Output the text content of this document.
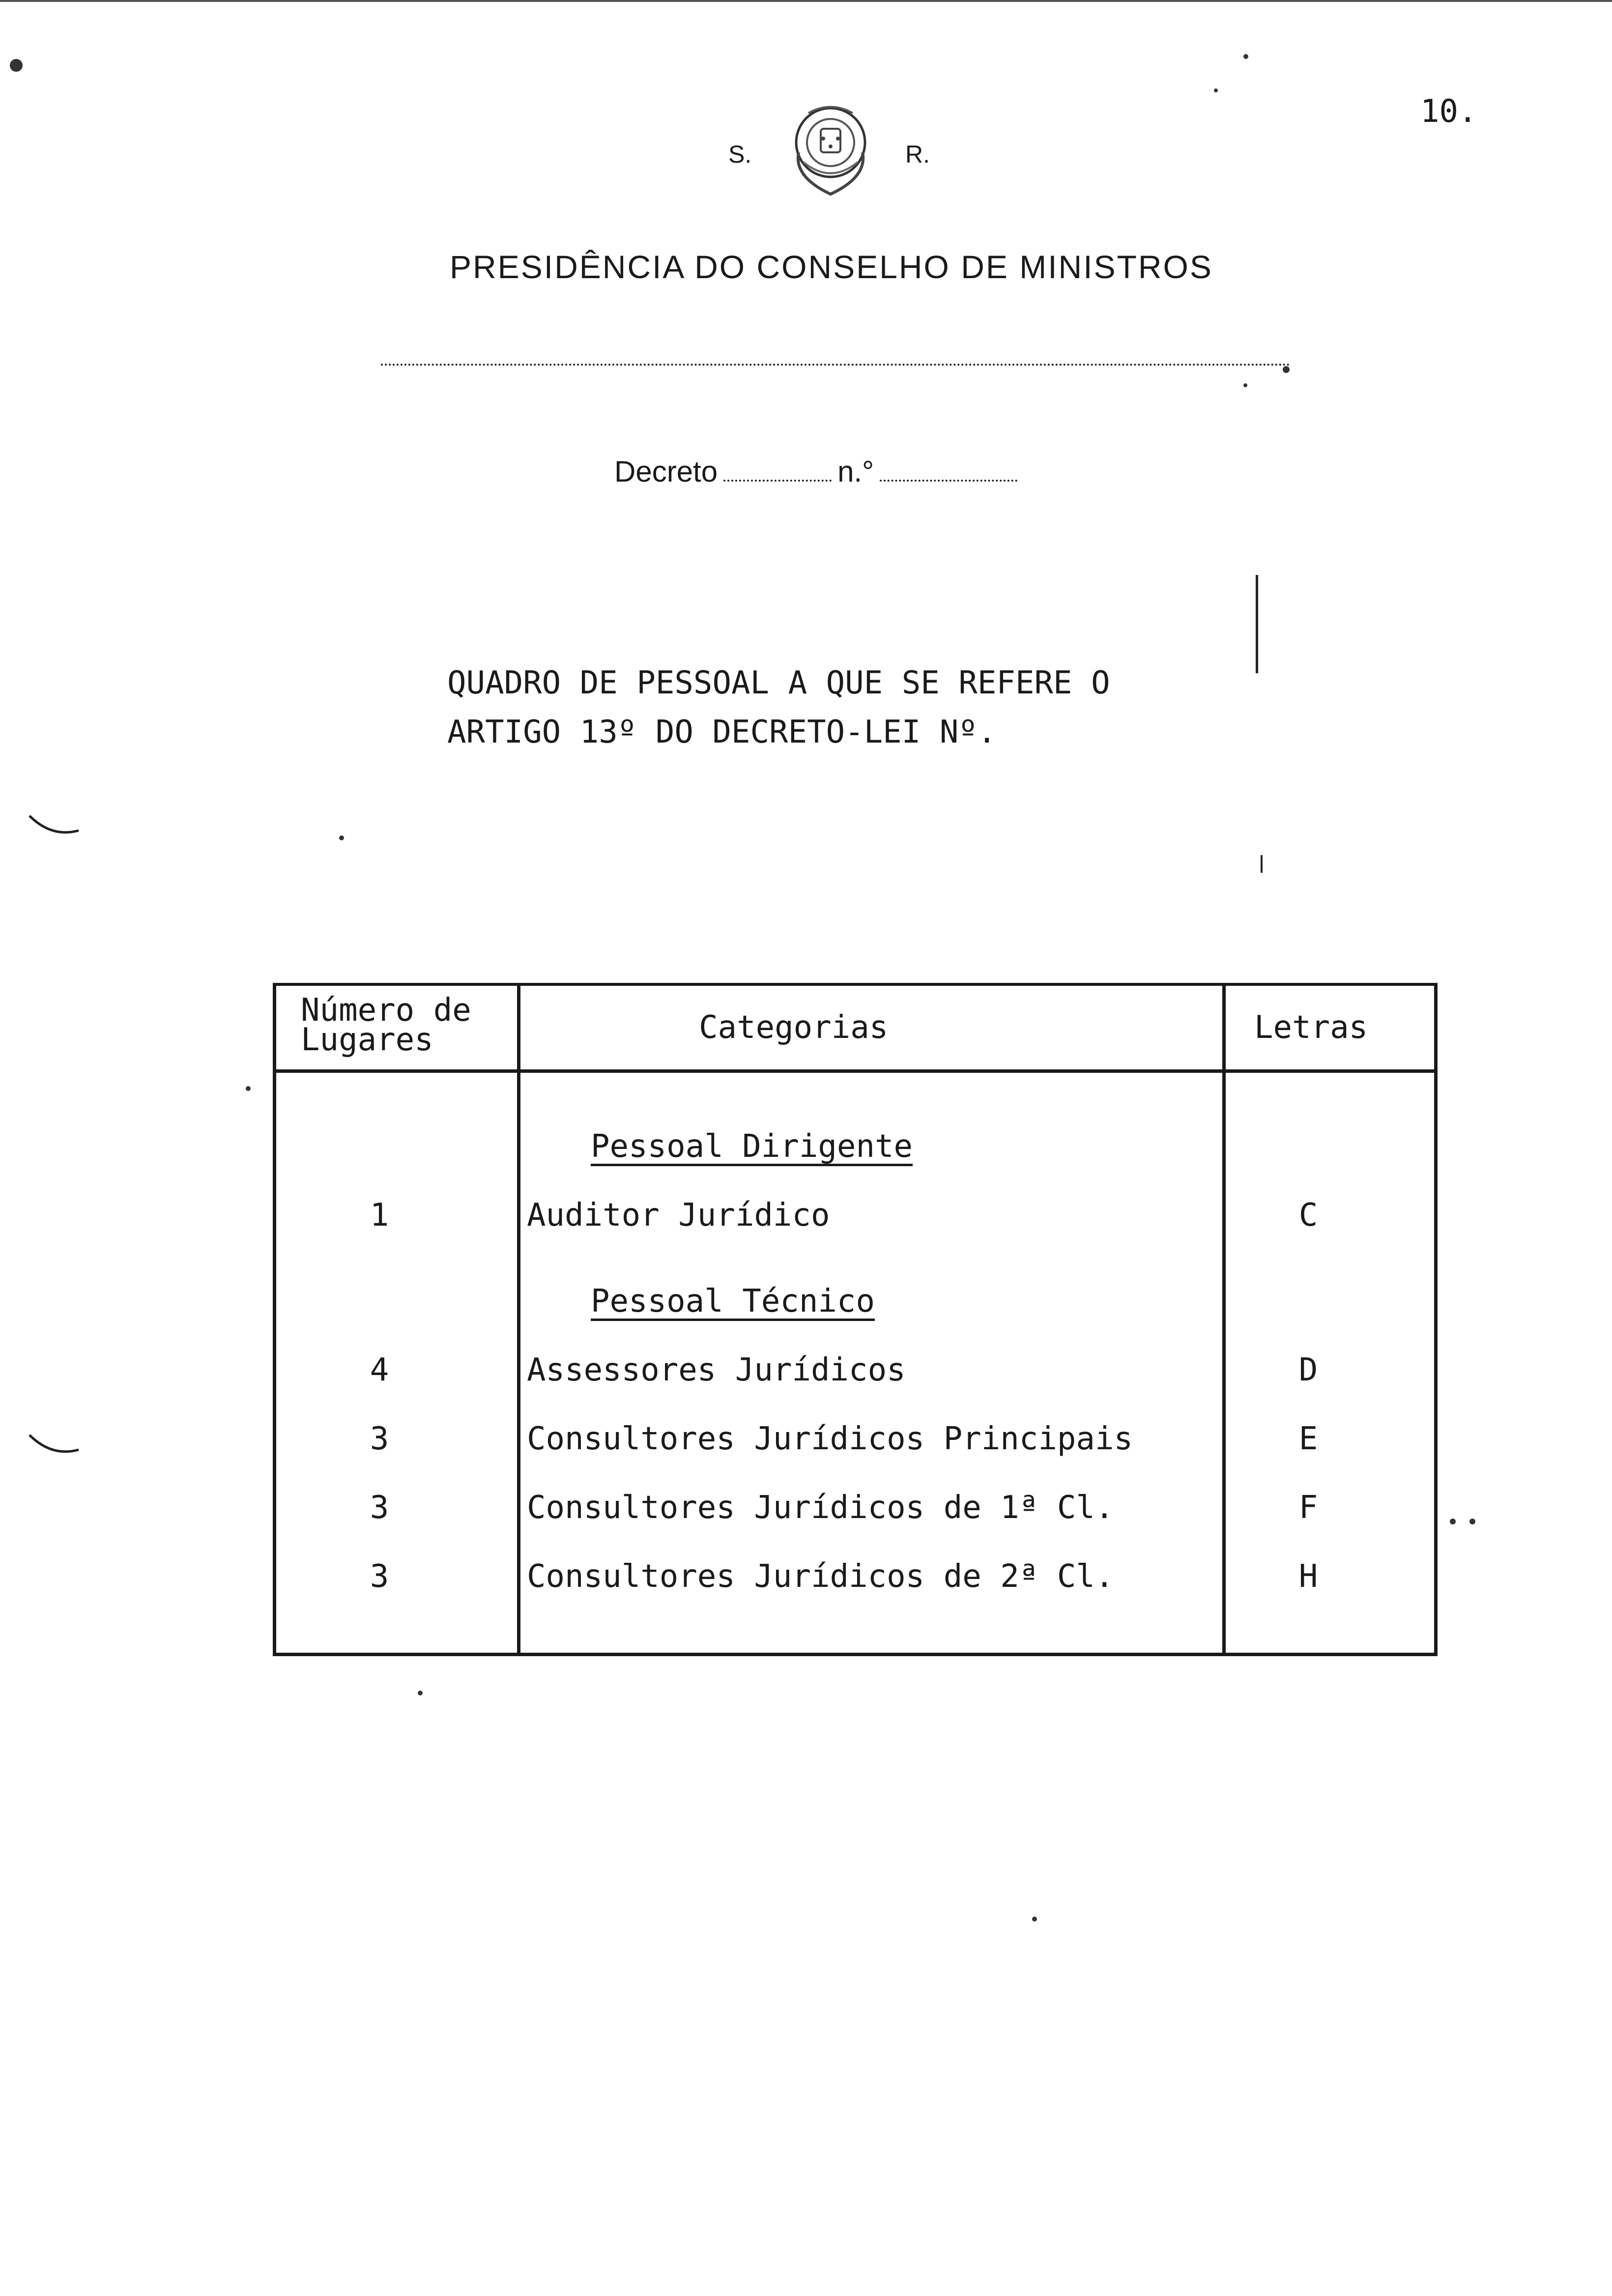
10.
S.	R.
PRESIDÊNCIA DO CONSELHO DE MINISTROS
Decreto	n.°
QUADRO DE PESSOAL A QUE SE REFERE O
ARTIGO 13º DO DECRETO-LEI Nº.
Número de
Lugares	Categorias	Letras
Pessoal Dirigente
1	Auditor Jurídico	C
Pessoal Técnico
4	Assessores Jurídicos	D
3	Consultores Jurídicos Principais	E
3	Consultores Jurídicos de 1ª Cl.	F
3	Consultores Jurídicos de 2ª Cl.	H
